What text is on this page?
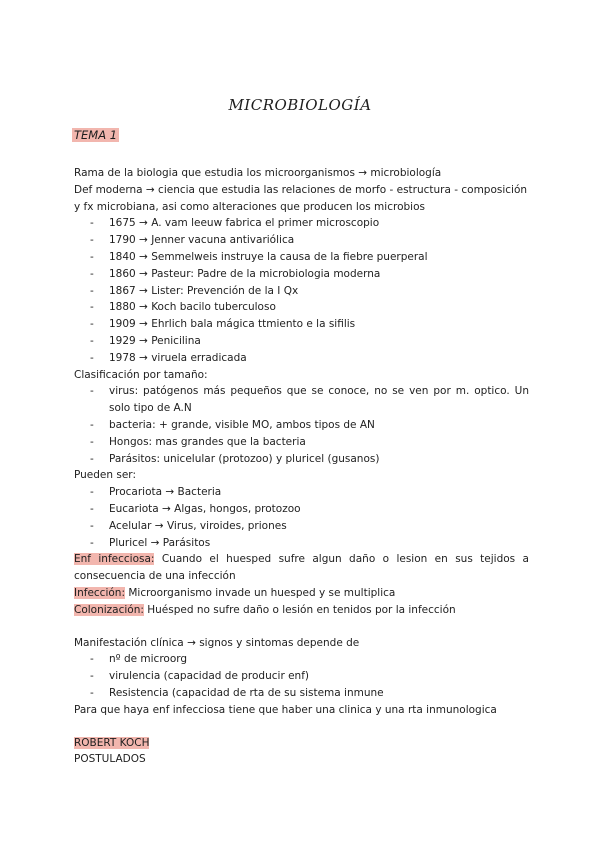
MICROBIOLOGÍA
TEMA 1

Rama de la biologia que estudia los microorganismos → microbiología

Def moderna → ciencia que estudia las relaciones de morfo - estructura - composición y fx microbiana, asi como alteraciones que producen los microbios

- 1675 → A. vam leeuw fabrica el primer microscopio
- 1790 → Jenner vacuna antivariólica
- 1840 → Semmelweis instruye la causa de la fiebre puerperal
- 1860 → Pasteur: Padre de la microbiologia moderna
- 1867 → Lister: Prevención de la I Qx
- 1880 → Koch bacilo tuberculoso
- 1909 → Ehrlich bala mágica ttmiento e la sifilis
- 1929 → Penicilina
- 1978 → viruela erradicada

Clasificación por tamaño:

- virus: patógenos más pequeños que se conoce, no se ven por m. optico. Un solo tipo de A.N
- bacteria: + grande, visible MO, ambos tipos de AN
- Hongos: mas grandes que la bacteria
- Parásitos: unicelular (protozoo) y pluricel (gusanos)

Pueden ser:

- Procariota → Bacteria
- Eucariota → Algas, hongos, protozoo
- Acelular → Virus, viroides, priones
- Pluricel → Parásitos

Enf infecciosa: Cuando el huesped sufre algun daño o lesion en sus tejidos a consecuencia de una infección

Infección: Microorganismo invade un huesped y se multiplica

Colonización: Huésped no sufre daño o lesión en tenidos por la infección

Manifestación clínica → signos y sintomas depende de

- nº de microorg
- virulencia (capacidad de producir enf)
- Resistencia (capacidad de rta de su sistema inmune

Para que haya enf infecciosa tiene que haber una clinica y una rta inmunologica

ROBERT KOCH

POSTULADOS
